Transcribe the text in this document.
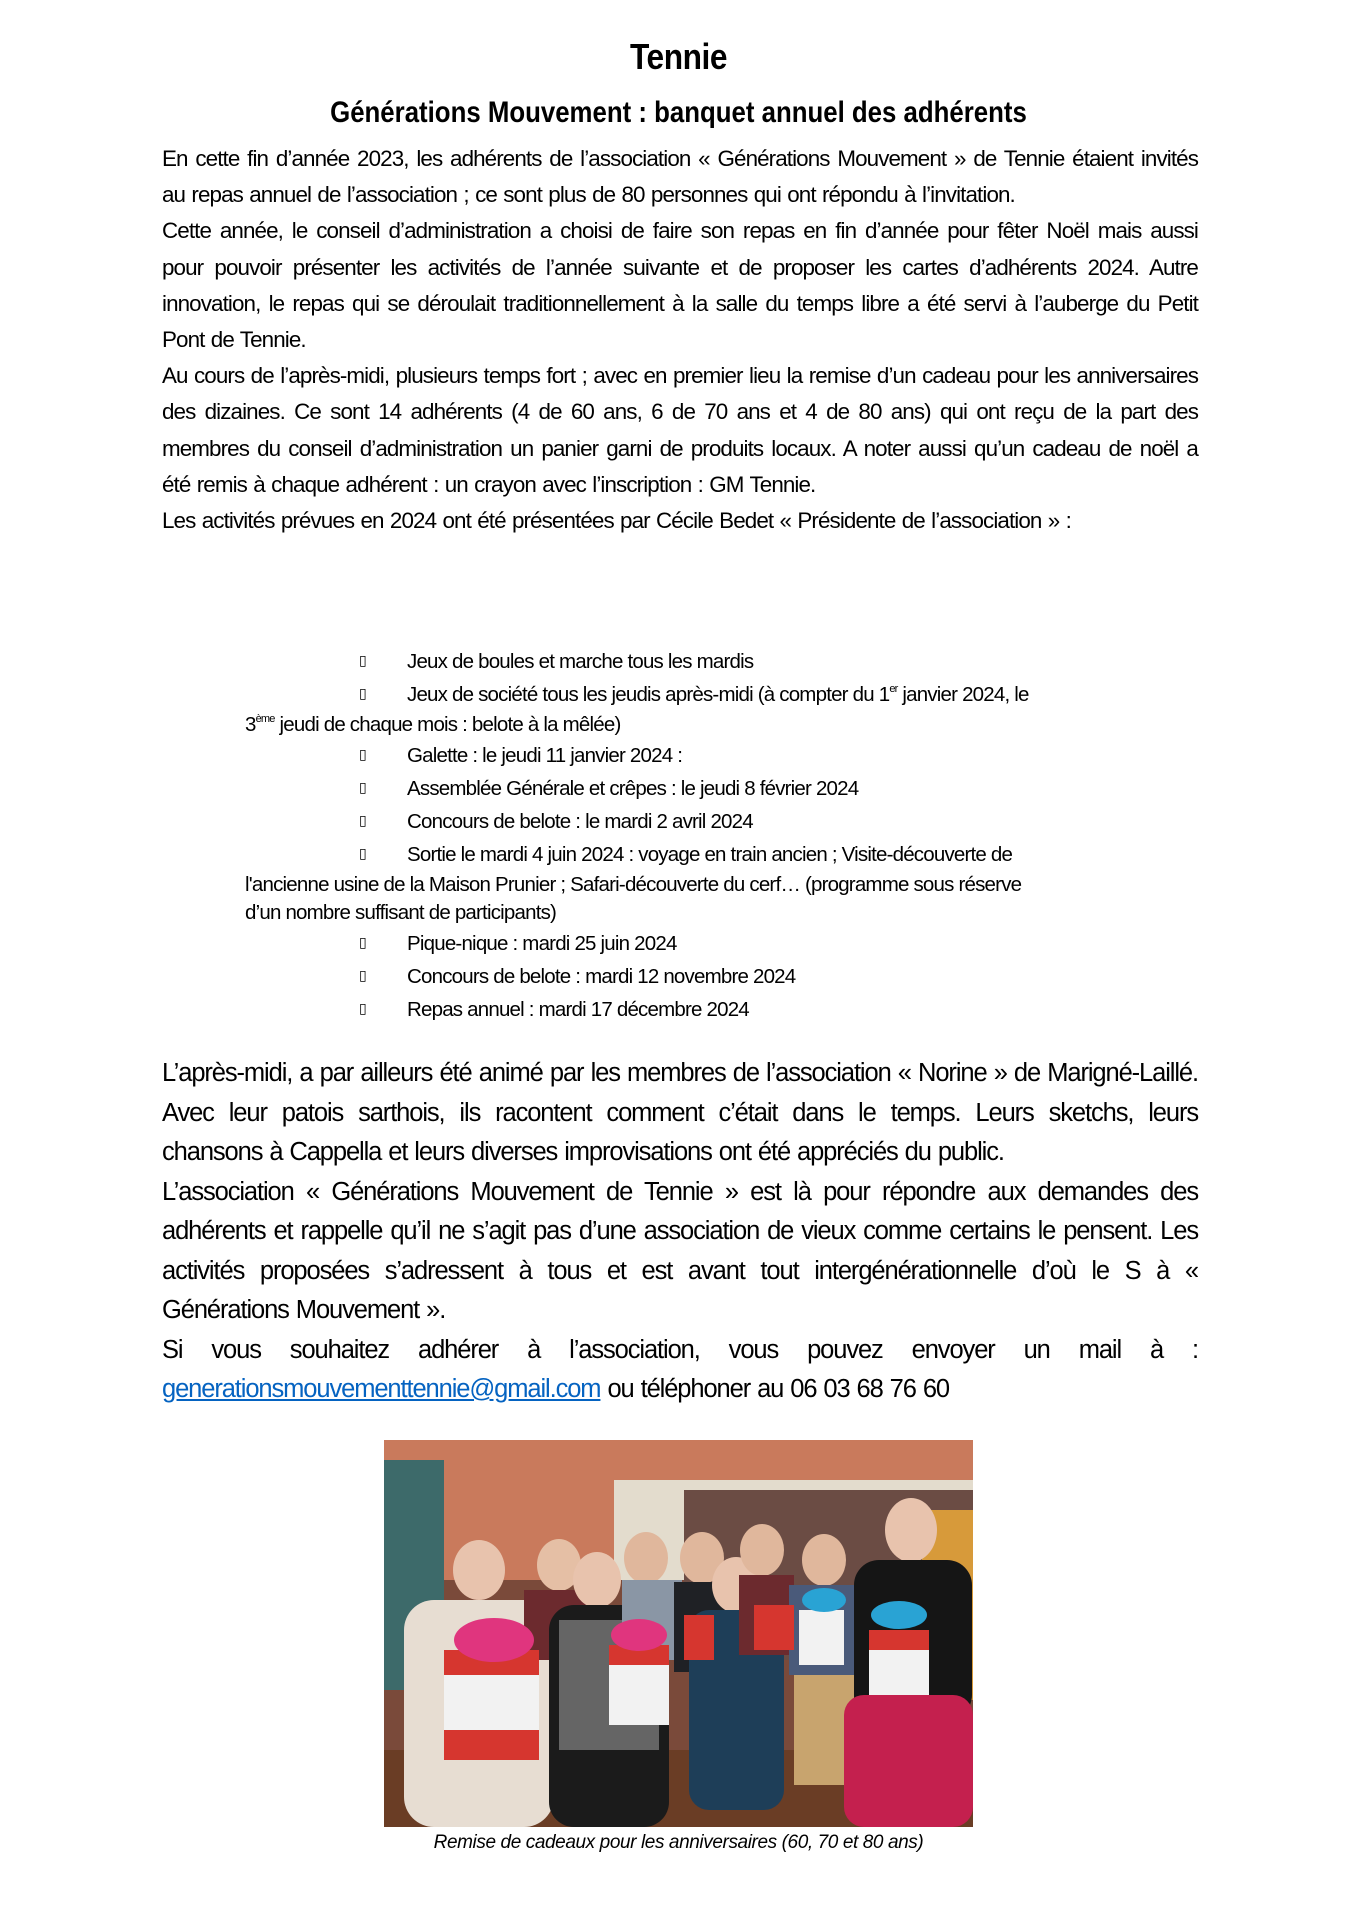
Tennie
Générations Mouvement : banquet annuel des adhérents

En cette fin d’année 2023, les adhérents de l’association « Générations Mouvement » de Tennie étaient invités au repas annuel de l’association ; ce sont plus de 80 personnes qui ont répondu à l’invitation.

Cette année, le conseil d’administration a choisi de faire son repas en fin d’année pour fêter Noël mais aussi pour pouvoir présenter les activités de l’année suivante et de proposer les cartes d’adhérents 2024. Autre innovation, le repas qui se déroulait traditionnellement à la salle du temps libre a été servi à l’auberge du Petit Pont de Tennie.

Au cours de l’après-midi, plusieurs temps fort ; avec en premier lieu la remise d’un cadeau pour les anniversaires des dizaines. Ce sont 14 adhérents (4 de 60 ans, 6 de 70 ans et 4 de 80 ans) qui ont reçu de la part des membres du conseil d’administration un panier garni de produits locaux. A noter aussi qu’un cadeau de noël a été remis à chaque adhérent : un crayon avec l’inscription : GM Tennie.

Les activités prévues en 2024 ont été présentées par Cécile Bedet « Présidente de l’association » :

▯ Jeux de boules et marche tous les mardis
▯ Jeux de société tous les jeudis après-midi (à compter du 1er janvier 2024, le
3ème jeudi de chaque mois : belote à la mêlée)
▯ Galette : le jeudi 11 janvier 2024 :
▯ Assemblée Générale et crêpes : le jeudi 8 février 2024
▯ Concours de belote : le mardi 2 avril 2024
▯ Sortie le mardi 4 juin 2024 : voyage en train ancien ; Visite-découverte de
l'ancienne usine de la Maison Prunier ; Safari-découverte du cerf… (programme sous réserve
d’un nombre suffisant de participants)
▯ Pique-nique : mardi 25 juin 2024
▯ Concours de belote : mardi 12 novembre 2024
▯ Repas annuel : mardi 17 décembre 2024

L’après-midi, a par ailleurs été animé par les membres de l’association « Norine » de Marigné-Laillé. Avec leur patois sarthois, ils racontent comment c’était dans le temps. Leurs sketchs, leurs chansons à Cappella et leurs diverses improvisations ont été appréciés du public.

L’association « Générations Mouvement de Tennie » est là pour répondre aux demandes des adhérents et rappelle qu’il ne s’agit pas d’une association de vieux comme certains le pensent. Les activités proposées s’adressent à tous et est avant tout intergénérationnelle d’où le S à « Générations Mouvement ».

Si vous souhaitez adhérer à l’association, vous pouvez envoyer un mail à : generationsmouvementtennie@gmail.com ou téléphoner au 06 03 68 76 60

Remise de cadeaux pour les anniversaires (60, 70 et 80 ans)
